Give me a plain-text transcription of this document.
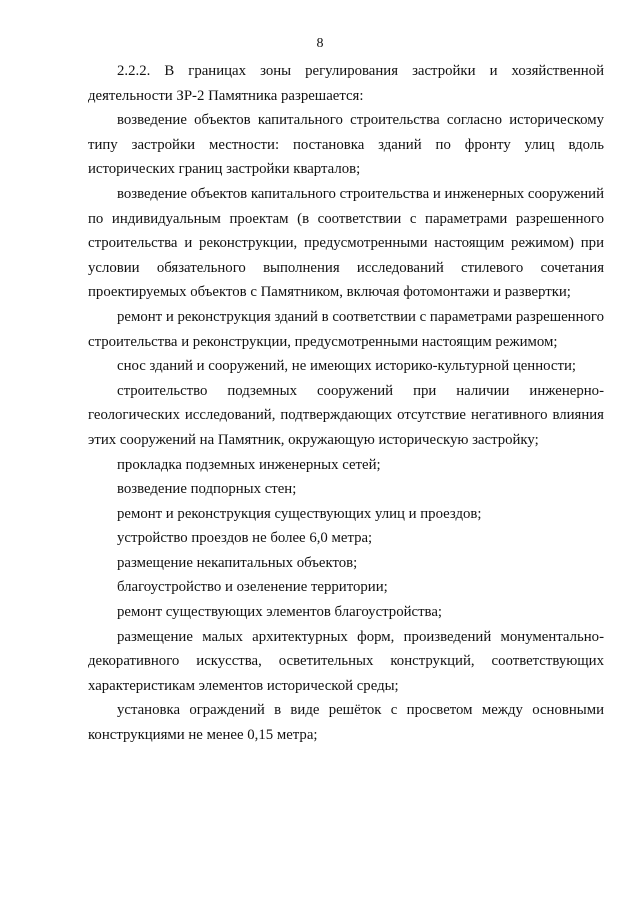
8

2.2.2. В границах зоны регулирования застройки и хозяйственной деятельности ЗР-2 Памятника разрешается:

возведение объектов капитального строительства согласно историческому типу застройки местности: постановка зданий по фронту улиц вдоль исторических границ застройки кварталов;

возведение объектов капитального строительства и инженерных сооружений по индивидуальным проектам (в соответствии с параметрами разрешенного строительства и реконструкции, предусмотренными настоящим режимом) при условии обязательного выполнения исследований стилевого сочетания проектируемых объектов с Памятником, включая фотомонтажи и развертки;

ремонт и реконструкция зданий в соответствии с параметрами разрешенного строительства и реконструкции, предусмотренными настоящим режимом;

снос зданий и сооружений, не имеющих историко-культурной ценности;

строительство подземных сооружений при наличии инженерно-геологических исследований, подтверждающих отсутствие негативного влияния этих сооружений на Памятник, окружающую историческую застройку;

прокладка подземных инженерных сетей;

возведение подпорных стен;

ремонт и реконструкция существующих улиц и проездов;

устройство проездов не более 6,0 метра;

размещение некапитальных объектов;

благоустройство и озеленение территории;

ремонт существующих элементов благоустройства;

размещение малых архитектурных форм, произведений монументально-декоративного искусства, осветительных конструкций, соответствующих характеристикам элементов исторической среды;

установка ограждений в виде решёток с просветом между основными конструкциями не менее 0,15 метра;
